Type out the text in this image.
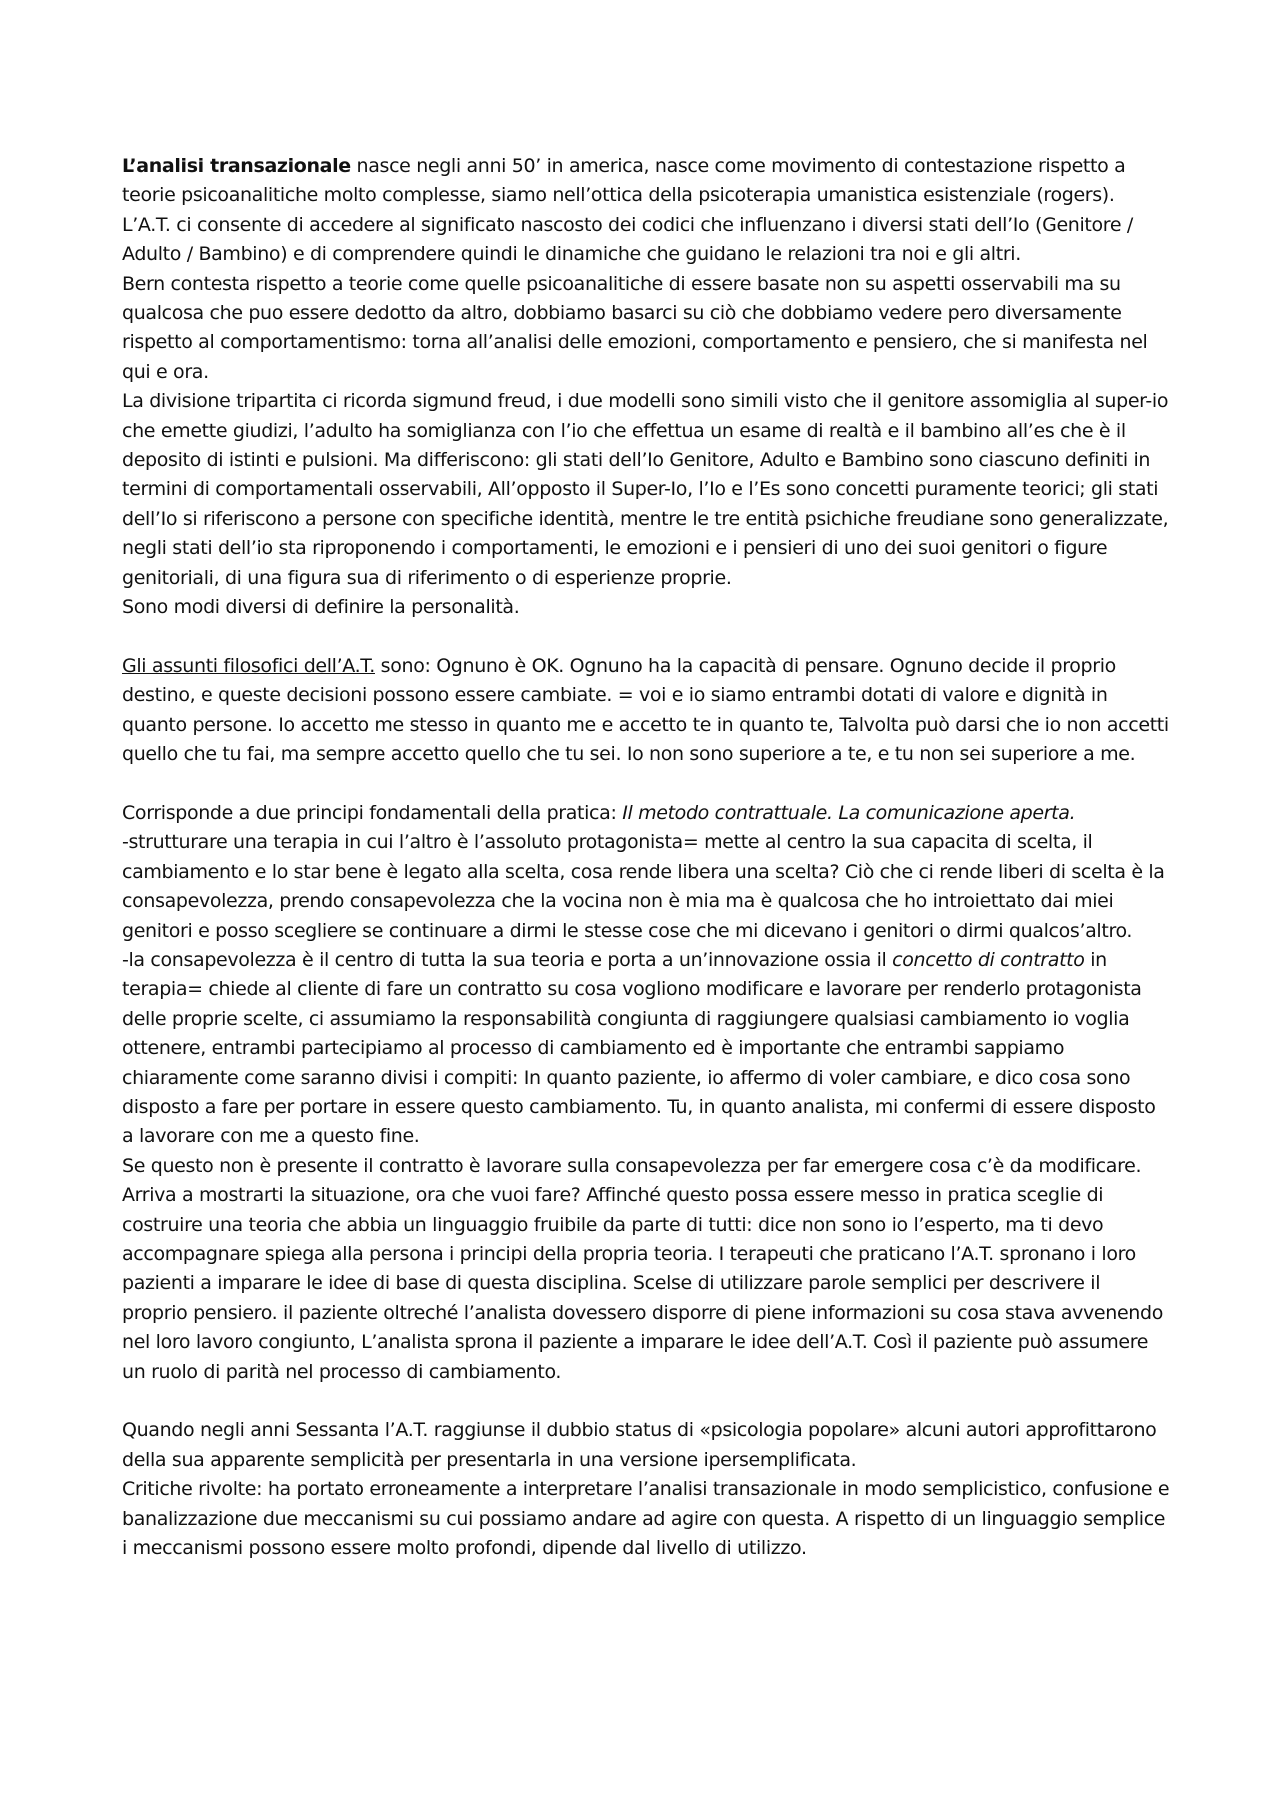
L’analisi transazionale nasce negli anni 50’ in america, nasce come movimento di contestazione rispetto a teorie psicoanalitiche molto complesse, siamo nell’ottica della psicoterapia umanistica esistenziale (rogers).

L’A.T. ci consente di accedere al significato nascosto dei codici che influenzano i diversi stati dell’Io (Genitore / Adulto / Bambino) e di comprendere quindi le dinamiche che guidano le relazioni tra noi e gli altri.

Bern contesta rispetto a teorie come quelle psicoanalitiche di essere basate non su aspetti osservabili ma su qualcosa che puo essere dedotto da altro, dobbiamo basarci su ciò che dobbiamo vedere pero diversamente rispetto al comportamentismo: torna all’analisi delle emozioni, comportamento e pensiero, che si manifesta nel qui e ora.

La divisione tripartita ci ricorda sigmund freud, i due modelli sono simili visto che il genitore assomiglia al super-io che emette giudizi, l’adulto ha somiglianza con l’io che effettua un esame di realtà e il bambino all’es che è il deposito di istinti e pulsioni. Ma differiscono: gli stati dell’Io Genitore, Adulto e Bambino sono ciascuno definiti in termini di comportamentali osservabili, All’opposto il Super-Io, l’Io e l’Es sono concetti puramente teorici; gli stati dell’Io si riferiscono a persone con specifiche identità, mentre le tre entità psichiche freudiane sono generalizzate, negli stati dell’io sta riproponendo i comportamenti, le emozioni e i pensieri di uno dei suoi genitori o figure genitoriali, di una figura sua di riferimento o di esperienze proprie.

Sono modi diversi di definire la personalità.

Gli assunti filosofici dell’A.T. sono: Ognuno è OK. Ognuno ha la capacità di pensare. Ognuno decide il proprio destino, e queste decisioni possono essere cambiate. = voi e io siamo entrambi dotati di valore e dignità in quanto persone. Io accetto me stesso in quanto me e accetto te in quanto te, Talvolta può darsi che io non accetti quello che tu fai, ma sempre accetto quello che tu sei. Io non sono superiore a te, e tu non sei superiore a me.

Corrisponde a due principi fondamentali della pratica: Il metodo contrattuale. La comunicazione aperta.

-strutturare una terapia in cui l’altro è l’assoluto protagonista= mette al centro la sua capacita di scelta, il cambiamento e lo star bene è legato alla scelta, cosa rende libera una scelta? Ciò che ci rende liberi di scelta è la consapevolezza, prendo consapevolezza che la vocina non è mia ma è qualcosa che ho introiettato dai miei genitori e posso scegliere se continuare a dirmi le stesse cose che mi dicevano i genitori o dirmi qualcos’altro.

-la consapevolezza è il centro di tutta la sua teoria e porta a un’innovazione ossia il concetto di contratto in terapia= chiede al cliente di fare un contratto su cosa vogliono modificare e lavorare per renderlo protagonista delle proprie scelte, ci assumiamo la responsabilità congiunta di raggiungere qualsiasi cambiamento io voglia ottenere, entrambi partecipiamo al processo di cambiamento ed è importante che entrambi sappiamo chiaramente come saranno divisi i compiti: In quanto paziente, io affermo di voler cambiare, e dico cosa sono disposto a fare per portare in essere questo cambiamento. Tu, in quanto analista, mi confermi di essere disposto a lavorare con me a questo fine.

Se questo non è presente il contratto è lavorare sulla consapevolezza per far emergere cosa c’è da modificare. Arriva a mostrarti la situazione, ora che vuoi fare? Affinché questo possa essere messo in pratica sceglie di costruire una teoria che abbia un linguaggio fruibile da parte di tutti: dice non sono io l’esperto, ma ti devo accompagnare spiega alla persona i principi della propria teoria. I terapeuti che praticano l’A.T. spronano i loro pazienti a imparare le idee di base di questa disciplina. Scelse di utilizzare parole semplici per descrivere il proprio pensiero. il paziente oltreché l’analista dovessero disporre di piene informazioni su cosa stava avvenendo nel loro lavoro congiunto, L’analista sprona il paziente a imparare le idee dell’A.T. Così il paziente può assumere un ruolo di parità nel processo di cambiamento.

Quando negli anni Sessanta l’A.T. raggiunse il dubbio status di «psicologia popolare» alcuni autori approfittarono della sua apparente semplicità per presentarla in una versione ipersemplificata.

Critiche rivolte: ha portato erroneamente a interpretare l’analisi transazionale in modo semplicistico, confusione e banalizzazione due meccanismi su cui possiamo andare ad agire con questa. A rispetto di un linguaggio semplice i meccanismi possono essere molto profondi, dipende dal livello di utilizzo.
